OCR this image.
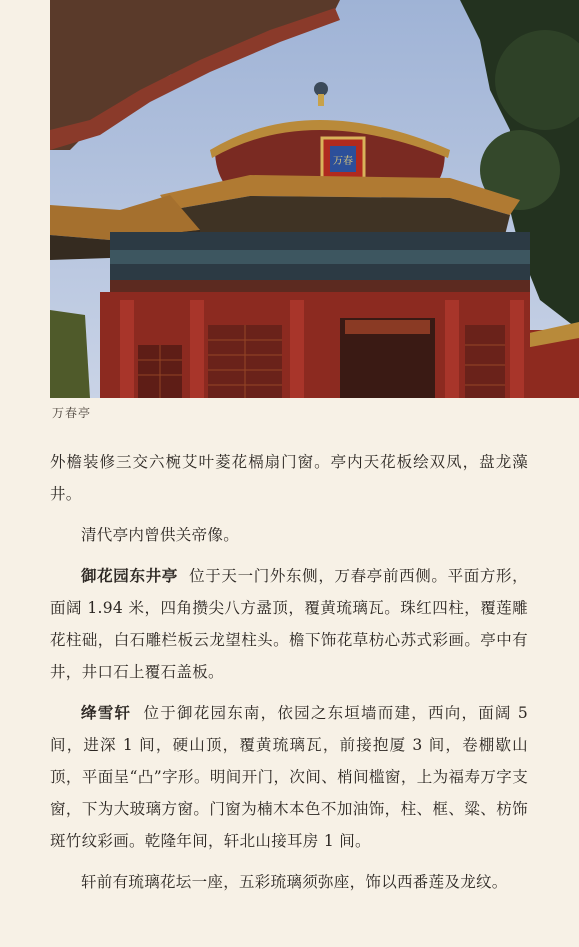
万春
万春亭

外檐装修三交六椀艾叶菱花槅扇门窗。亭内天花板绘双凤，盘龙藻井。

清代亭内曾供关帝像。

御花园东井亭 位于天一门外东侧，万春亭前西侧。平面方形，面阔 1.94 米，四角攒尖八方盝顶，覆黄琉璃瓦。珠红四柱，覆莲雕花柱础，白石雕栏板云龙望柱头。檐下饰花草枋心苏式彩画。亭中有井，井口石上覆石盖板。

绛雪轩 位于御花园东南，依园之东垣墙而建，西向，面阔 5 间，进深 1 间，硬山顶，覆黄琉璃瓦，前接抱厦 3 间，卷棚歇山顶，平面呈“凸”字形。明间开门，次间、梢间槛窗，上为福寿万字支窗，下为大玻璃方窗。门窗为楠木本色不加油饰，柱、框、粱、枋饰斑竹纹彩画。乾隆年间，轩北山接耳房 1 间。

轩前有琉璃花坛一座，五彩琉璃须弥座，饰以西番莲及龙纹。
